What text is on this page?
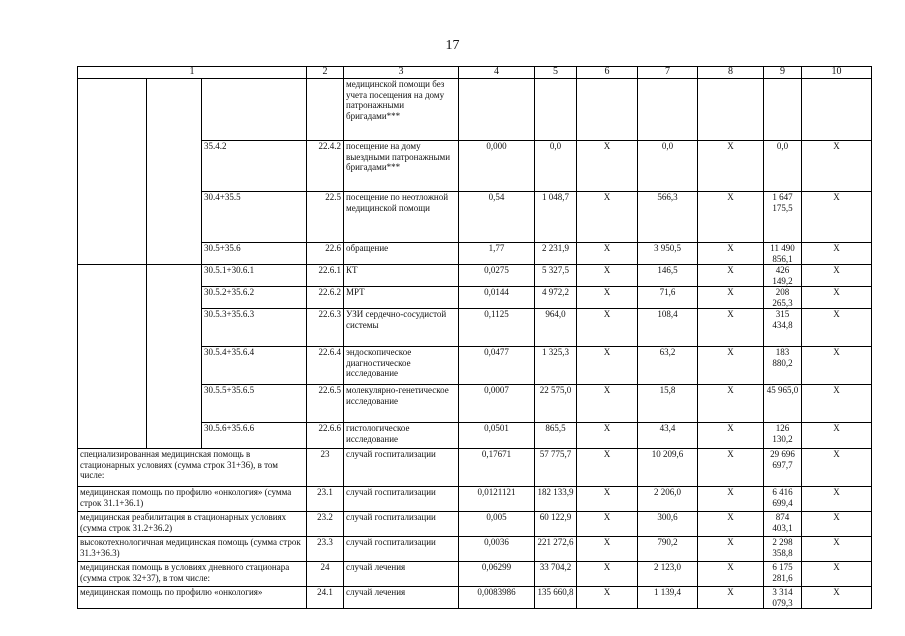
17
1			2	3	4	5	6	7	8	9	10
				медицинской помощи без учета посещения на дому патронажными бригадами***							
		35.4.2	22.4.2	посещение на дому выездными патронажными бригадами***	0,000	0,0	X	0,0	X	0,0	X
		30.4+35.5	22.5	посещение по неотложной медицинской помощи	0,54	1 048,7	X	566,3	X	1 647 175,5	X
		30.5+35.6	22.6	обращение	1,77	2 231,9	X	3 950,5	X	11 490 856,1	X
		30.5.1+30.6.1	22.6.1	КТ	0,0275	5 327,5	X	146,5	X	426 149,2	X
		30.5.2+35.6.2	22.6.2	МРТ	0,0144	4 972,2	X	71,6	X	208 265,3	X
		30.5.3+35.6.3	22.6.3	УЗИ сердечно-сосудистой системы	0,1125	964,0	X	108,4	X	315 434,8	X
		30.5.4+35.6.4	22.6.4	эндоскопическое диагностическое исследование	0,0477	1 325,3	X	63,2	X	183 880,2	X
		30.5.5+35.6.5	22.6.5	молекулярно-генетическое исследование	0,0007	22 575,0	X	15,8	X	45 965,0	X
		30.5.6+35.6.6	22.6.6	гистологическое исследование	0,0501	865,5	X	43,4	X	126 130,2	X
специализированная медицинская помощь в стационарных условиях (сумма строк 31+36), в том числе:			23	случай госпитализации	0,17671	57 775,7	X	10 209,6	X	29 696 697,7	X
медицинская помощь по профилю «онкология» (сумма строк 31.1+36.1)			23.1	случай госпитализации	0,0121121	182 133,9	X	2 206,0	X	6 416 699,4	X
медицинская реабилитация в стационарных условиях (сумма строк 31.2+36.2)			23.2	случай госпитализации	0,005	60 122,9	X	300,6	X	874 403,1	X
высокотехнологичная медицинская помощь (сумма строк 31.3+36.3)			23.3	случай госпитализации	0,0036	221 272,6	X	790,2	X	2 298 358,8	X
медицинская помощь в условиях дневного стационара (сумма строк 32+37), в том числе:			24	случай лечения	0,06299	33 704,2	X	2 123,0	X	6 175 281,6	X
медицинская помощь по профилю «онкология»			24.1	случай лечения	0,0083986	135 660,8	X	1 139,4	X	3 314 079,3	X
